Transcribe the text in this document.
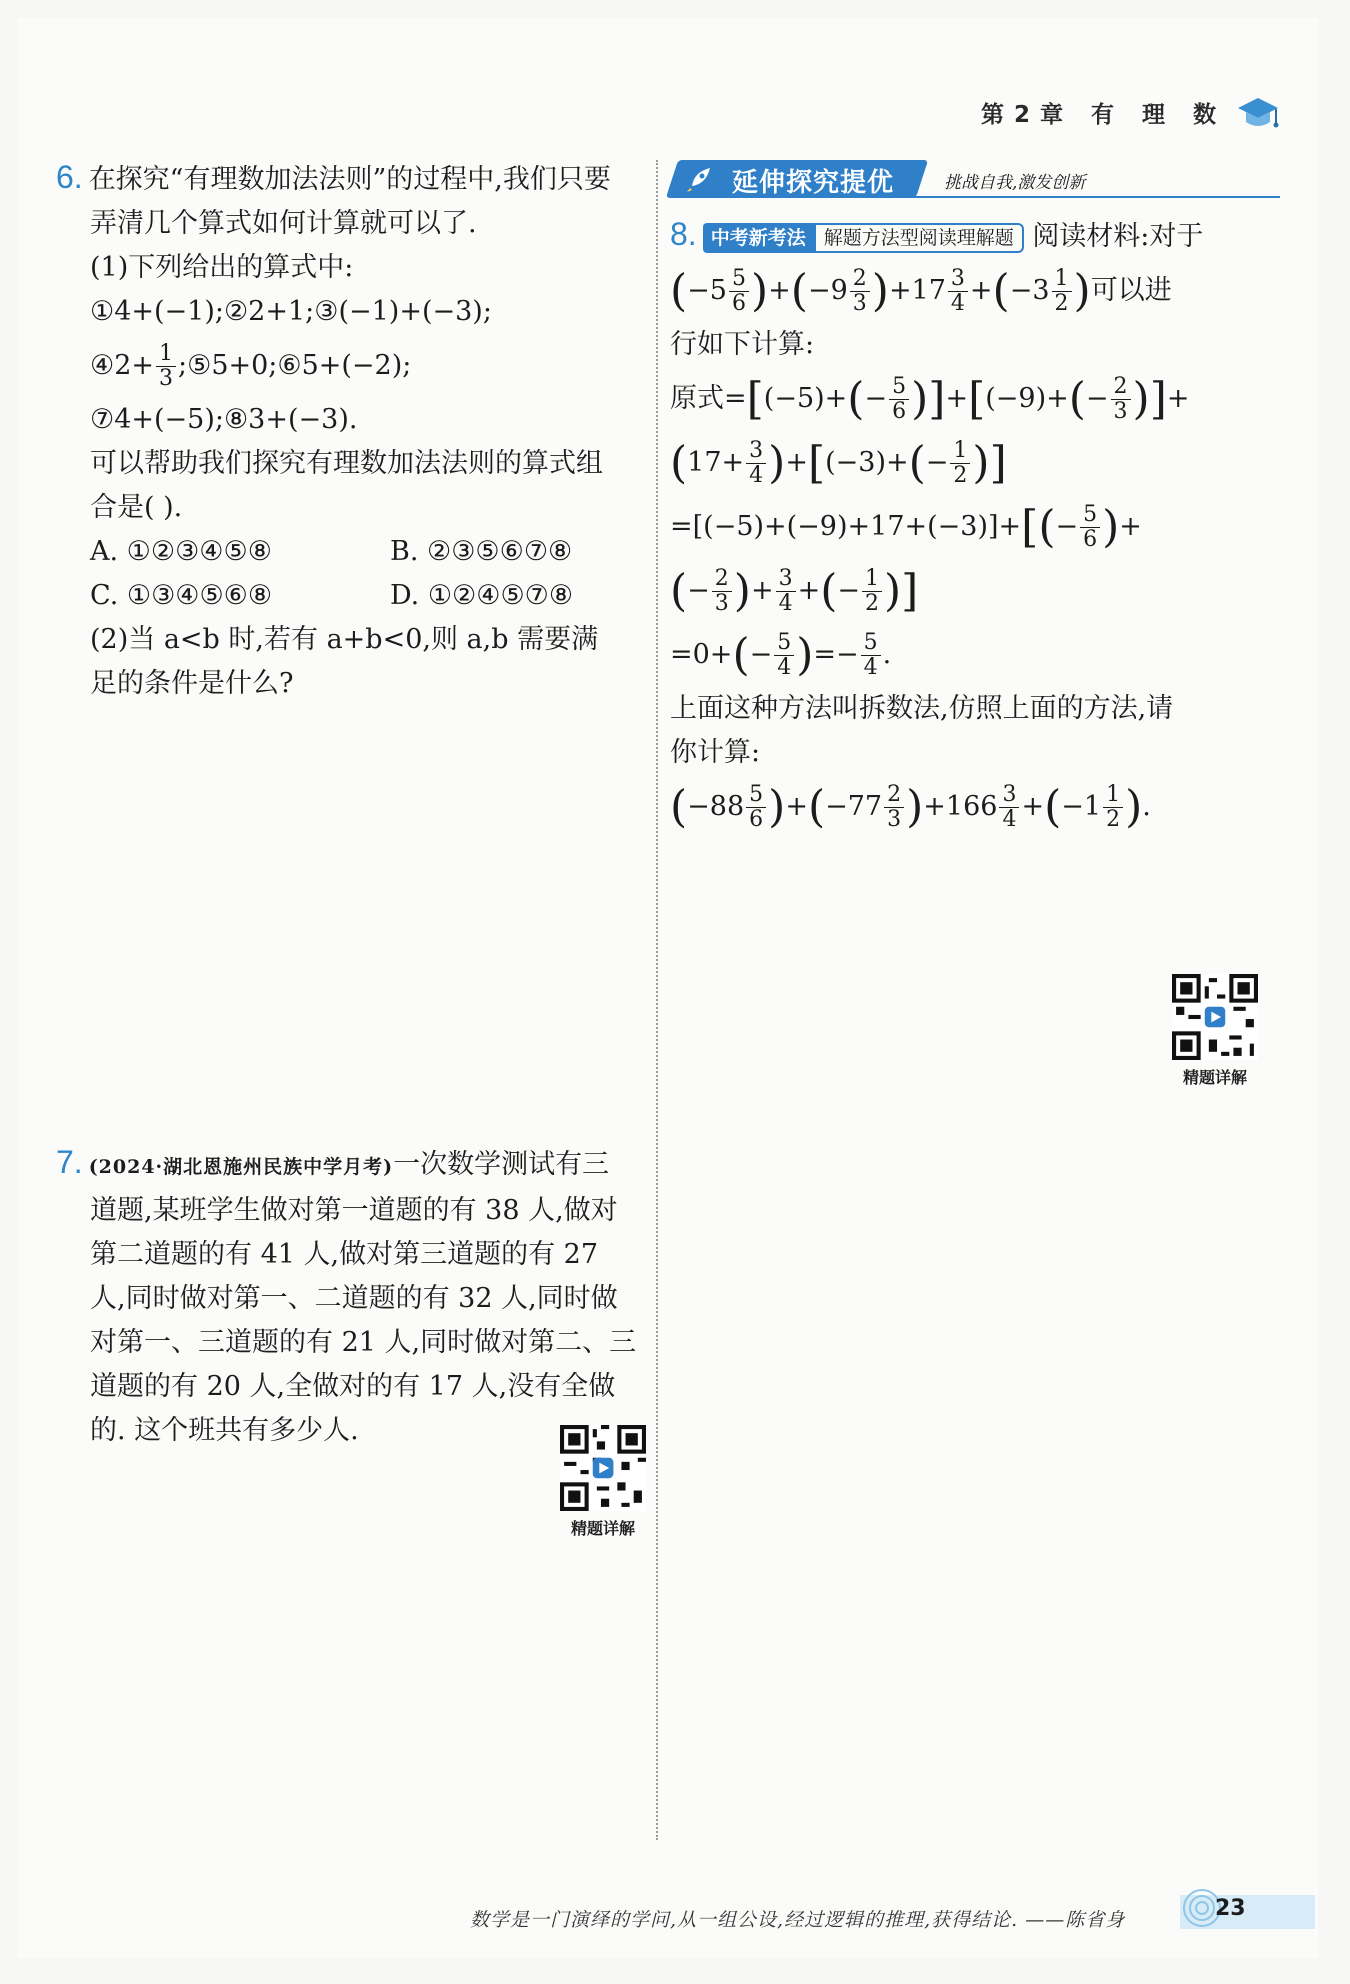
第2章 有 理 数
6. 在探究“有理数加法法则”的过程中,我们只要
弄清几个算式如何计算就可以了.
(1)下列给出的算式中:
①4+(−1);②2+1;③(−1)+(−3);
④2+ $\frac{1}{3}$ ;⑤5+0;⑥5+(−2);
⑦4+(−5);⑧3+(−3).
可以帮助我们探究有理数加法法则的算式组
合是( ).
A. ①②③④⑤⑧	B. ②③⑤⑥⑦⑧
C. ①③④⑤⑥⑧	D. ①②④⑤⑦⑧
(2)当 a<b 时,若有 a+b<0,则 a,b 需要满
足的条件是什么?
7. (2024·湖北恩施州民族中学月考)一次数学测试有三
道题,某班学生做对第一道题的有 38 人,做对
第二道题的有 41 人,做对第三道题的有 27
人,同时做对第一、二道题的有 32 人,同时做
对第一、三道题的有 21 人,同时做对第二、三
道题的有 20 人,全做对的有 17 人,没有全做
的. 这个班共有多少人.
精题详解
延伸探究提优	挑战自我,激发创新
8. 中考新考法 解题方法型阅读理解题 阅读材料:对于
$(-5 \frac{5}{6} )+(-9 \frac{2}{3} )+17 \frac{3}{4} +(-3 \frac{1}{2}$ )可以进
行如下计算:
原式$=[(-5)+(- \frac{5}{6} )]+[(-9)+(- \frac{2}{3}$ )]+
$(17+ \frac{3}{4} )+[(-3)+(- \frac{1}{2}$ )]
$=[(-5)+(-9)+17+(-3)]+[(- \frac{5}{6}$ )+
(− $\frac{2}{3}$ )+ $\frac{3}{4}$ +(− $\frac{1}{2}$ )]
$=0+(- \frac{5}{4}$ )=− $\frac{5}{4}$ .
上面这种方法叫拆数法,仿照上面的方法,请
你计算:
$(-88 \frac{5}{6} )+(-77 \frac{2}{3} )+166 \frac{3}{4} +(-1 \frac{1}{2}$ ).
精题详解
数学是一门演绎的学问,从一组公设,经过逻辑的推理,获得结论. ——陈省身	23
